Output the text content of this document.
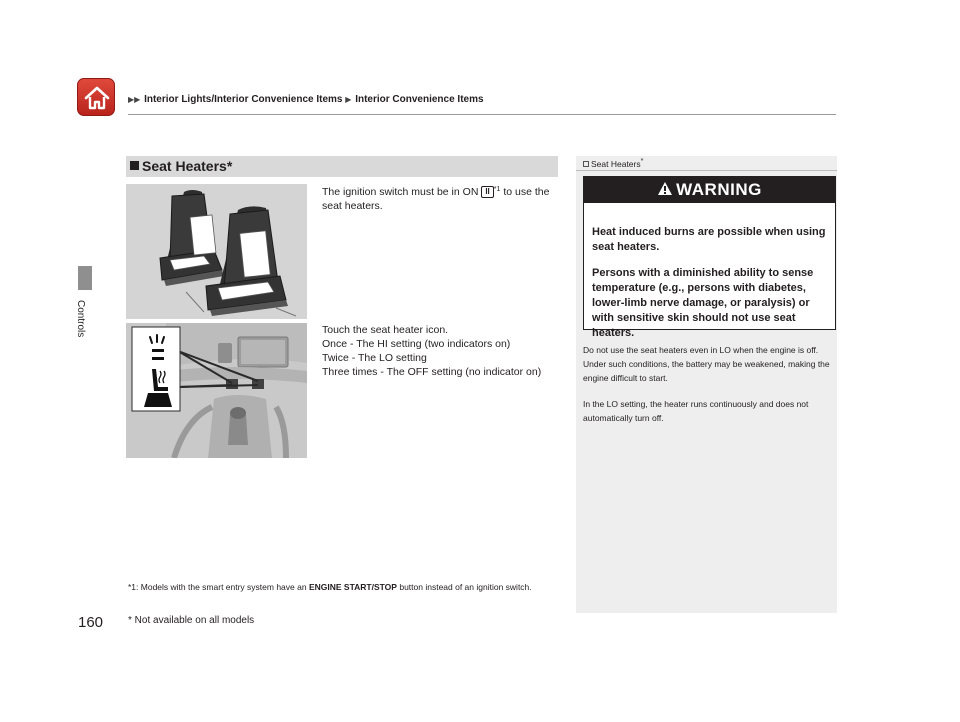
▶▶ Interior Lights/Interior Convenience Items ▶ Interior Convenience Items
Controls
Seat Heaters*
The ignition switch must be in ON II $^{*1}$ to use the seat heaters.
Touch the seat heater icon.
Once - The HI setting (two indicators on)
Twice - The LO setting
Three times - The OFF setting (no indicator on)
*1: Models with the smart entry system have an ENGINE START/STOP button instead of an ignition switch.
* Not available on all models
160
Seat Heaters*
WARNING
Heat induced burns are possible when using seat heaters.
Persons with a diminished ability to sense temperature (e.g., persons with diabetes, lower-limb nerve damage, or paralysis) or with sensitive skin should not use seat heaters.
Do not use the seat heaters even in LO when the engine is off. Under such conditions, the battery may be weakened, making the engine difficult to start.
In the LO setting, the heater runs continuously and does not automatically turn off.
